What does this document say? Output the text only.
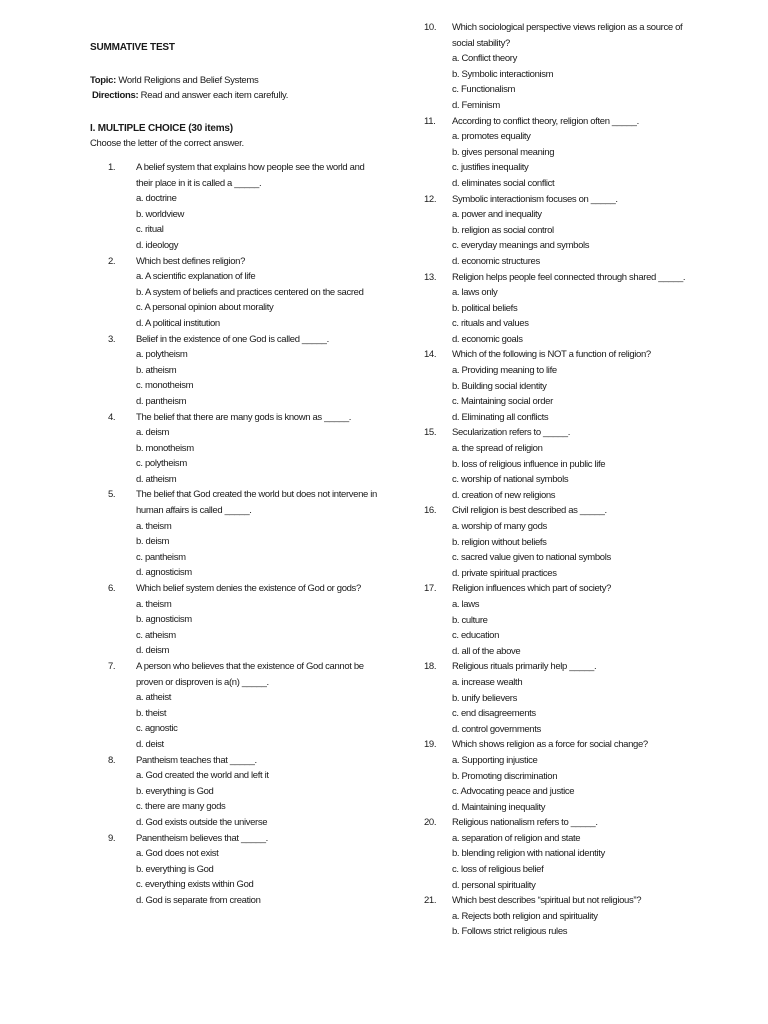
SUMMATIVE TEST
Topic: World Religions and Belief Systems
Directions: Read and answer each item carefully.
I. MULTIPLE CHOICE (30 items)
Choose the letter of the correct answer.
1.	A belief system that explains how people see the world and their place in it is called a _____.
a. doctrine
b. worldview
c. ritual
d. ideology
2.	Which best defines religion?
a. A scientific explanation of life
b. A system of beliefs and practices centered on the sacred
c. A personal opinion about morality
d. A political institution
3.	Belief in the existence of one God is called _____.
a. polytheism
b. atheism
c. monotheism
d. pantheism
4.	The belief that there are many gods is known as _____.
a. deism
b. monotheism
c. polytheism
d. atheism
5.	The belief that God created the world but does not intervene in human affairs is called _____.
a. theism
b. deism
c. pantheism
d. agnosticism
6.	Which belief system denies the existence of God or gods?
a. theism
b. agnosticism
c. atheism
d. deism
7.	A person who believes that the existence of God cannot be proven or disproven is a(n) _____.
a. atheist
b. theist
c. agnostic
d. deist
8.	Pantheism teaches that _____.
a. God created the world and left it
b. everything is God
c. there are many gods
d. God exists outside the universe
9.	Panentheism believes that _____.
a. God does not exist
b. everything is God
c. everything exists within God
d. God is separate from creation
10.	Which sociological perspective views religion as a source of social stability?
a. Conflict theory
b. Symbolic interactionism
c. Functionalism
d. Feminism
11.	According to conflict theory, religion often _____.
a. promotes equality
b. gives personal meaning
c. justifies inequality
d. eliminates social conflict
12.	Symbolic interactionism focuses on _____.
a. power and inequality
b. religion as social control
c. everyday meanings and symbols
d. economic structures
13.	Religion helps people feel connected through shared _____.
a. laws only
b. political beliefs
c. rituals and values
d. economic goals
14.	Which of the following is NOT a function of religion?
a. Providing meaning to life
b. Building social identity
c. Maintaining social order
d. Eliminating all conflicts
15.	Secularization refers to _____.
a. the spread of religion
b. loss of religious influence in public life
c. worship of national symbols
d. creation of new religions
16.	Civil religion is best described as _____.
a. worship of many gods
b. religion without beliefs
c. sacred value given to national symbols
d. private spiritual practices
17.	Religion influences which part of society?
a. laws
b. culture
c. education
d. all of the above
18.	Religious rituals primarily help _____.
a. increase wealth
b. unify believers
c. end disagreements
d. control governments
19.	Which shows religion as a force for social change?
a. Supporting injustice
b. Promoting discrimination
c. Advocating peace and justice
d. Maintaining inequality
20.	Religious nationalism refers to _____.
a. separation of religion and state
b. blending religion with national identity
c. loss of religious belief
d. personal spirituality
21.	Which best describes “spiritual but not religious”?
a. Rejects both religion and spirituality
b. Follows strict religious rules
